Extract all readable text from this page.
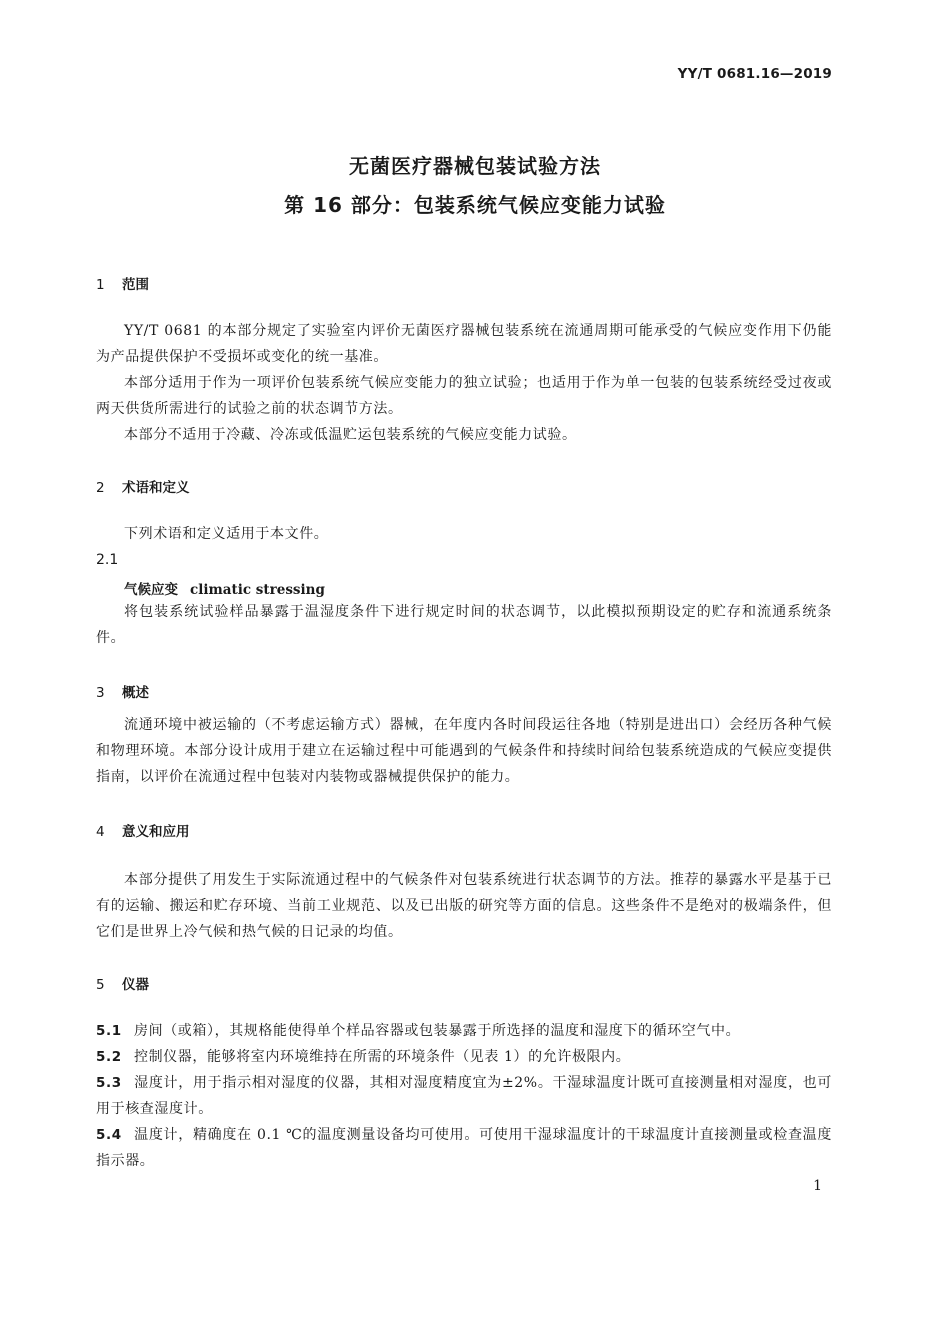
YY/T 0681.16—2019
无菌医疗器械包装试验方法
第 16 部分：包装系统气候应变能力试验
1 范围
YY/T 0681 的本部分规定了实验室内评价无菌医疗器械包装系统在流通周期可能承受的气候应变作用下仍能为产品提供保护不受损坏或变化的统一基准。
本部分适用于作为一项评价包装系统气候应变能力的独立试验；也适用于作为单一包装的包装系统经受过夜或两天供货所需进行的试验之前的状态调节方法。
本部分不适用于冷藏、冷冻或低温贮运包装系统的气候应变能力试验。
2 术语和定义
下列术语和定义适用于本文件。
2.1
气候应变 climatic stressing
将包装系统试验样品暴露于温湿度条件下进行规定时间的状态调节，以此模拟预期设定的贮存和流通系统条件。
3 概述
流通环境中被运输的（不考虑运输方式）器械，在年度内各时间段运往各地（特别是进出口）会经历各种气候和物理环境。本部分设计成用于建立在运输过程中可能遇到的气候条件和持续时间给包装系统造成的气候应变提供指南，以评价在流通过程中包装对内装物或器械提供保护的能力。
4 意义和应用
本部分提供了用发生于实际流通过程中的气候条件对包装系统进行状态调节的方法。推荐的暴露水平是基于已有的运输、搬运和贮存环境、当前工业规范、以及已出版的研究等方面的信息。这些条件不是绝对的极端条件，但它们是世界上冷气候和热气候的日记录的均值。
5 仪器
5.1 房间（或箱），其规格能使得单个样品容器或包装暴露于所选择的温度和湿度下的循环空气中。
5.2 控制仪器，能够将室内环境维持在所需的环境条件（见表 1）的允许极限内。
5.3 湿度计，用于指示相对湿度的仪器，其相对湿度精度宜为±2%。干湿球温度计既可直接测量相对湿度，也可用于核查湿度计。
5.4 温度计，精确度在 0.1 ℃的温度测量设备均可使用。可使用干湿球温度计的干球温度计直接测量或检查温度指示器。
1
